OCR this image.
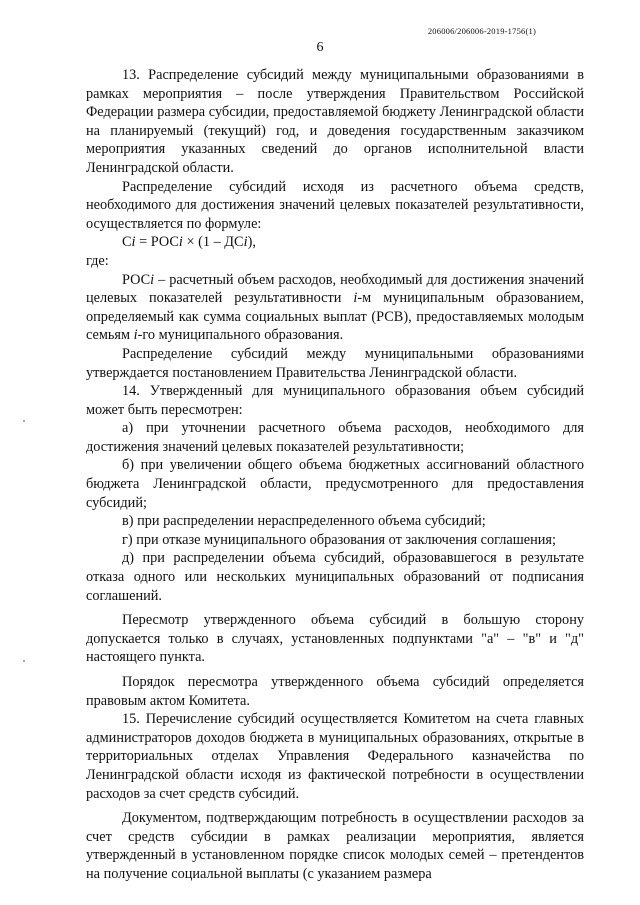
206006/206006-2019-1756(1)
6

13. Распределение субсидий между муниципальными образованиями в рамках мероприятия – после утверждения Правительством Российской Федерации размера субсидии, предоставляемой бюджету Ленинградской области на планируемый (текущий) год, и доведения государственным заказчиком мероприятия указанных сведений до органов исполнительной власти Ленинградской области.

Распределение субсидий исходя из расчетного объема средств, необходимого для достижения значений целевых показателей результативности, осуществляется по формуле:

Сi = РОСi × (1 – ДСi),

где:

РОСi – расчетный объем расходов, необходимый для достижения значений целевых показателей результативности i-м муниципальным образованием, определяемый как сумма социальных выплат (РСВ), предоставляемых молодым семьям i-го муниципального образования.

Распределение субсидий между муниципальными образованиями утверждается постановлением Правительства Ленинградской области.

14. Утвержденный для муниципального образования объем субсидий может быть пересмотрен:

а) при уточнении расчетного объема расходов, необходимого для достижения значений целевых показателей результативности;

б) при увеличении общего объема бюджетных ассигнований областного бюджета Ленинградской области, предусмотренного для предоставления субсидий;

в) при распределении нераспределенного объема субсидий;

г) при отказе муниципального образования от заключения соглашения;

д) при распределении объема субсидий, образовавшегося в результате отказа одного или нескольких муниципальных образований от подписания соглашений.

Пересмотр утвержденного объема субсидий в большую сторону допускается только в случаях, установленных подпунктами "а" – "в" и "д" настоящего пункта.

Порядок пересмотра утвержденного объема субсидий определяется правовым актом Комитета.

15. Перечисление субсидий осуществляется Комитетом на счета главных администраторов доходов бюджета в муниципальных образованиях, открытые в территориальных отделах Управления Федерального казначейства по Ленинградской области исходя из фактической потребности в осуществлении расходов за счет средств субсидий.

Документом, подтверждающим потребность в осуществлении расходов за счет средств субсидии в рамках реализации мероприятия, является утвержденный в установленном порядке список молодых семей – претендентов на получение социальной выплаты (с указанием размера
